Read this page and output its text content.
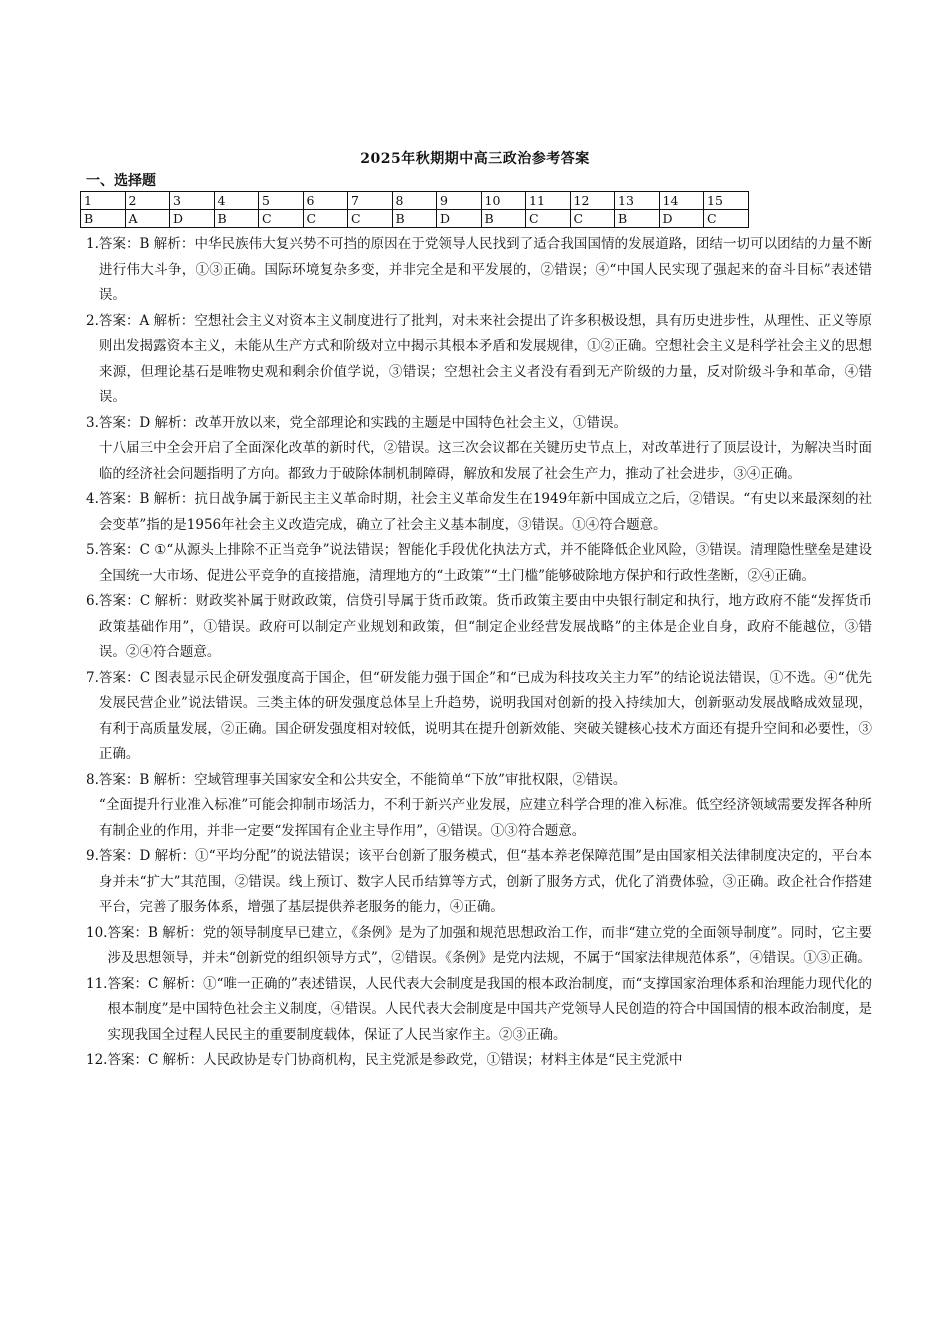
2025年秋期期中高三政治参考答案
一、选择题
1	2	3	4	5	6	7	8	9	10	11	12	13	14	15
B	A	D	B	C	C	C	B	D	B	C	C	B	D	C
1. 答案：B 解析：中华民族伟大复兴势不可挡的原因在于党领导人民找到了适合我国国情的发展道路，团结一切可以团结的力量不断进行伟大斗争，①③正确。国际环境复杂多变，并非完全是和平发展的，②错误；④“中国人民实现了强起来的奋斗目标”表述错误。
2. 答案：A 解析：空想社会主义对资本主义制度进行了批判，对未来社会提出了许多积极设想，具有历史进步性，从理性、正义等原则出发揭露资本主义，未能从生产方式和阶级对立中揭示其根本矛盾和发展规律，①②正确。空想社会主义是科学社会主义的思想来源，但理论基石是唯物史观和剩余价值学说，③错误；空想社会主义者没有看到无产阶级的力量，反对阶级斗争和革命，④错误。
3. 答案：D 解析：改革开放以来，党全部理论和实践的主题是中国特色社会主义，①错误。
十八届三中全会开启了全面深化改革的新时代，②错误。这三次会议都在关键历史节点上，对改革进行了顶层设计，为解决当时面临的经济社会问题指明了方向。都致力于破除体制机制障碍，解放和发展了社会生产力，推动了社会进步，③④正确。
4. 答案：B 解析：抗日战争属于新民主主义革命时期，社会主义革命发生在1949年新中国成立之后，②错误。“有史以来最深刻的社会变革”指的是1956年社会主义改造完成，确立了社会主义基本制度，③错误。①④符合题意。
5. 答案：C ①“从源头上排除不正当竞争”说法错误；智能化手段优化执法方式，并不能降低企业风险，③错误。清理隐性壁垒是建设全国统一大市场、促进公平竞争的直接措施，清理地方的“土政策”“土门槛”能够破除地方保护和行政性垄断，②④正确。
6. 答案：C 解析：财政奖补属于财政政策，信贷引导属于货币政策。货币政策主要由中央银行制定和执行，地方政府不能“发挥货币政策基础作用”，①错误。政府可以制定产业规划和政策，但“制定企业经营发展战略”的主体是企业自身，政府不能越位，③错误。②④符合题意。
7. 答案：C 图表显示民企研发强度高于国企，但“研发能力强于国企”和“已成为科技攻关主力军”的结论说法错误，①不选。④“优先发展民营企业”说法错误。三类主体的研发强度总体呈上升趋势，说明我国对创新的投入持续加大，创新驱动发展战略成效显现，有利于高质量发展，②正确。国企研发强度相对较低，说明其在提升创新效能、突破关键核心技术方面还有提升空间和必要性，③正确。
8. 答案：B 解析：空域管理事关国家安全和公共安全，不能简单“下放”审批权限，②错误。
“全面提升行业准入标准”可能会抑制市场活力，不利于新兴产业发展，应建立科学合理的准入标准。低空经济领域需要发挥各种所有制企业的作用，并非一定要“发挥国有企业主导作用”，④错误。①③符合题意。
9. 答案：D 解析：①“平均分配”的说法错误；该平台创新了服务模式，但“基本养老保障范围”是由国家相关法律制度决定的，平台本身并未“扩大”其范围，②错误。线上预订、数字人民币结算等方式，创新了服务方式，优化了消费体验，③正确。政企社合作搭建平台，完善了服务体系，增强了基层提供养老服务的能力，④正确。
10. 答案：B 解析：党的领导制度早已建立，《条例》是为了加强和规范思想政治工作，而非“建立党的全面领导制度”。同时，它主要涉及思想领导，并未“创新党的组织领导方式”，②错误。《条例》是党内法规，不属于“国家法律规范体系”，④错误。①③正确。
11. 答案：C 解析：①“唯一正确的”表述错误，人民代表大会制度是我国的根本政治制度，而“支撑国家治理体系和治理能力现代化的根本制度”是中国特色社会主义制度，④错误。人民代表大会制度是中国共产党领导人民创造的符合中国国情的根本政治制度，是实现我国全过程人民民主的重要制度载体，保证了人民当家作主。②③正确。
12. 答案：C 解析：人民政协是专门协商机构，民主党派是参政党，①错误；材料主体是“民主党派中
